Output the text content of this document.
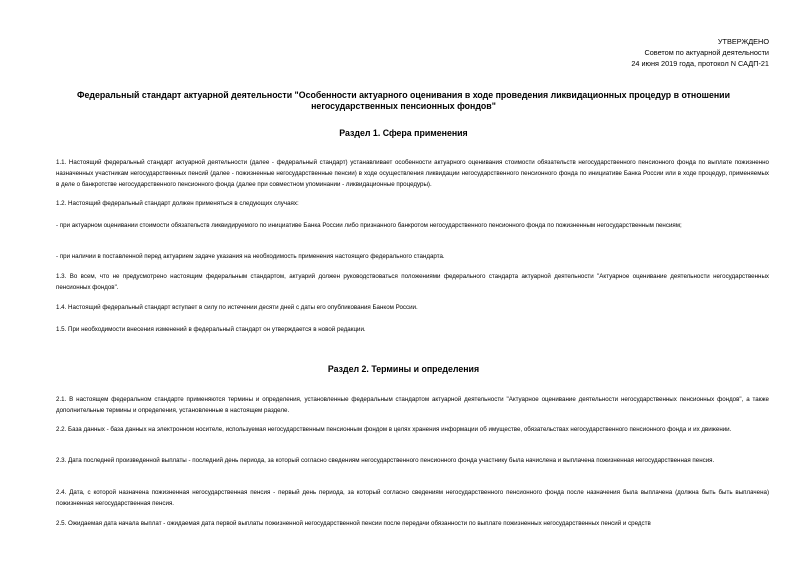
УТВЕРЖДЕНО
Советом по актуарной деятельности
24 июня 2019 года, протокол N САДП-21
Федеральный стандарт актуарной деятельности "Особенности актуарного оценивания в ходе проведения ликвидационных процедур в отношении негосударственных пенсионных фондов"
Раздел 1. Сфера применения
1.1. Настоящий федеральный стандарт актуарной деятельности (далее - федеральный стандарт) устанавливает особенности актуарного оценивания стоимости обязательств негосударственного пенсионного фонда по выплате пожизненно назначенных участникам негосударственных пенсий (далее - пожизненные негосударственные пенсии) в ходе осуществления ликвидации негосударственного пенсионного фонда по инициативе Банка России или в ходе процедур, применяемых в деле о банкротстве негосударственного пенсионного фонда (далее при совместном упоминании - ликвидационные процедуры).
1.2. Настоящий федеральный стандарт должен применяться в следующих случаях:
- при актуарном оценивании стоимости обязательств ликвидируемого по инициативе Банка России либо признанного банкротом негосударственного пенсионного фонда по пожизненным негосударственным пенсиям;
- при наличии в поставленной перед актуарием задаче указания на необходимость применения настоящего федерального стандарта.
1.3. Во всем, что не предусмотрено настоящим федеральным стандартом, актуарий должен руководствоваться положениями федерального стандарта актуарной деятельности "Актуарное оценивание деятельности негосударственных пенсионных фондов".
1.4. Настоящий федеральный стандарт вступает в силу по истечении десяти дней с даты его опубликования Банком России.
1.5. При необходимости внесения изменений в федеральный стандарт он утверждается в новой редакции.
Раздел 2. Термины и определения
2.1. В настоящем федеральном стандарте применяются термины и определения, установленные федеральным стандартом актуарной деятельности "Актуарное оценивание деятельности негосударственных пенсионных фондов", а также дополнительные термины и определения, установленные в настоящем разделе.
2.2. База данных - база данных на электронном носителе, используемая негосударственным пенсионным фондом в целях хранения информации об имуществе, обязательствах негосударственного пенсионного фонда и их движении.
2.3. Дата последней произведенной выплаты - последний день периода, за который согласно сведениям негосударственного пенсионного фонда участнику была начислена и выплачена пожизненная негосударственная пенсия.
2.4. Дата, с которой назначена пожизненная негосударственная пенсия - первый день периода, за который согласно сведениям негосударственного пенсионного фонда после назначения была выплачена (должна быть быть выплачена) пожизненная негосударственная пенсия.
2.5. Ожидаемая дата начала выплат - ожидаемая дата первой выплаты пожизненной негосударственной пенсии после передачи обязанности по выплате пожизненных негосударственных пенсий и средств
